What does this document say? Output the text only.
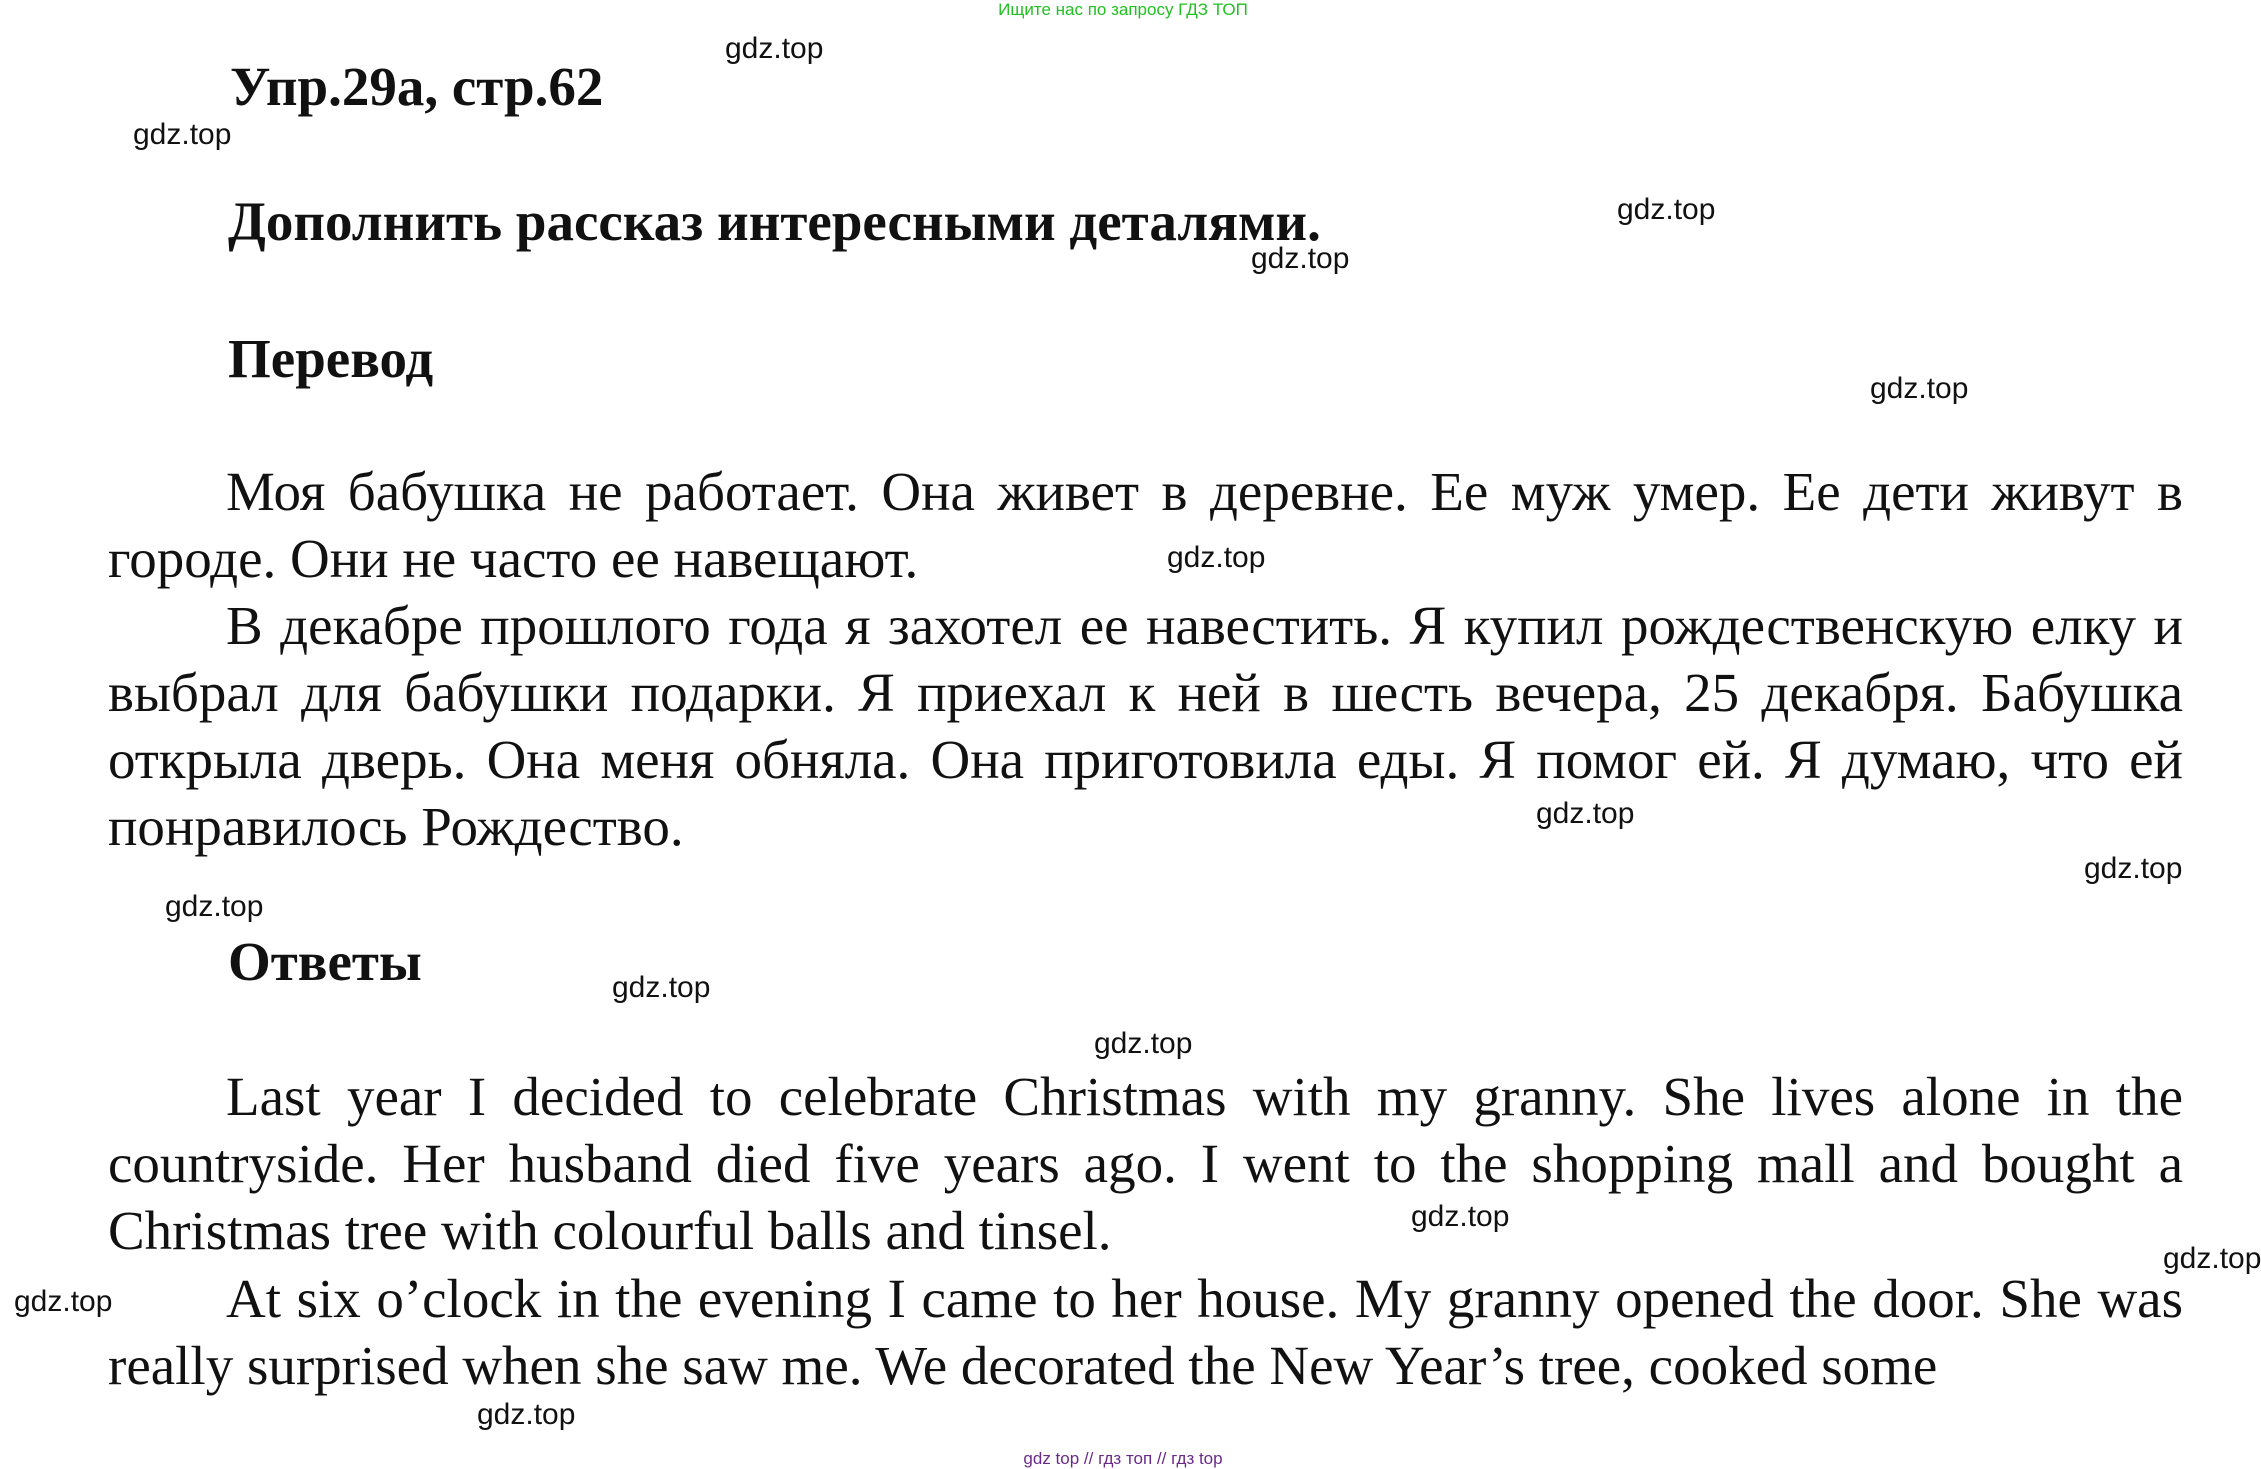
Ищите нас по запросу ГДЗ ТОП
Упр.29а, стр.62
Дополнить рассказ интересными деталями.
Перевод
Моя бабушка не работает. Она живет в деревне. Ее муж умер. Ее дети живут в городе. Они не часто ее навещают.
В декабре прошлого года я захотел ее навестить. Я купил рождественскую елку и выбрал для бабушки подарки. Я приехал к ней в шесть вечера, 25 декабря. Бабушка открыла дверь. Она меня обняла. Она приготовила еды. Я помог ей. Я думаю, что ей понравилось Рождество.
Ответы
Last year I decided to celebrate Christmas with my granny. She lives alone in the countryside. Her husband died five years ago. I went to the shopping mall and bought a Christmas tree with colourful balls and tinsel.
At six o’clock in the evening I came to her house. My granny opened the door. She was really surprised when she saw me. We decorated the New Year’s tree, cooked some
gdz.top
gdz.top
gdz.top
gdz.top
gdz.top
gdz.top
gdz.top
gdz.top
gdz.top
gdz.top
gdz.top
gdz.top
gdz.top
gdz.top
gdz.top
gdz top // гдз топ // гдз top
